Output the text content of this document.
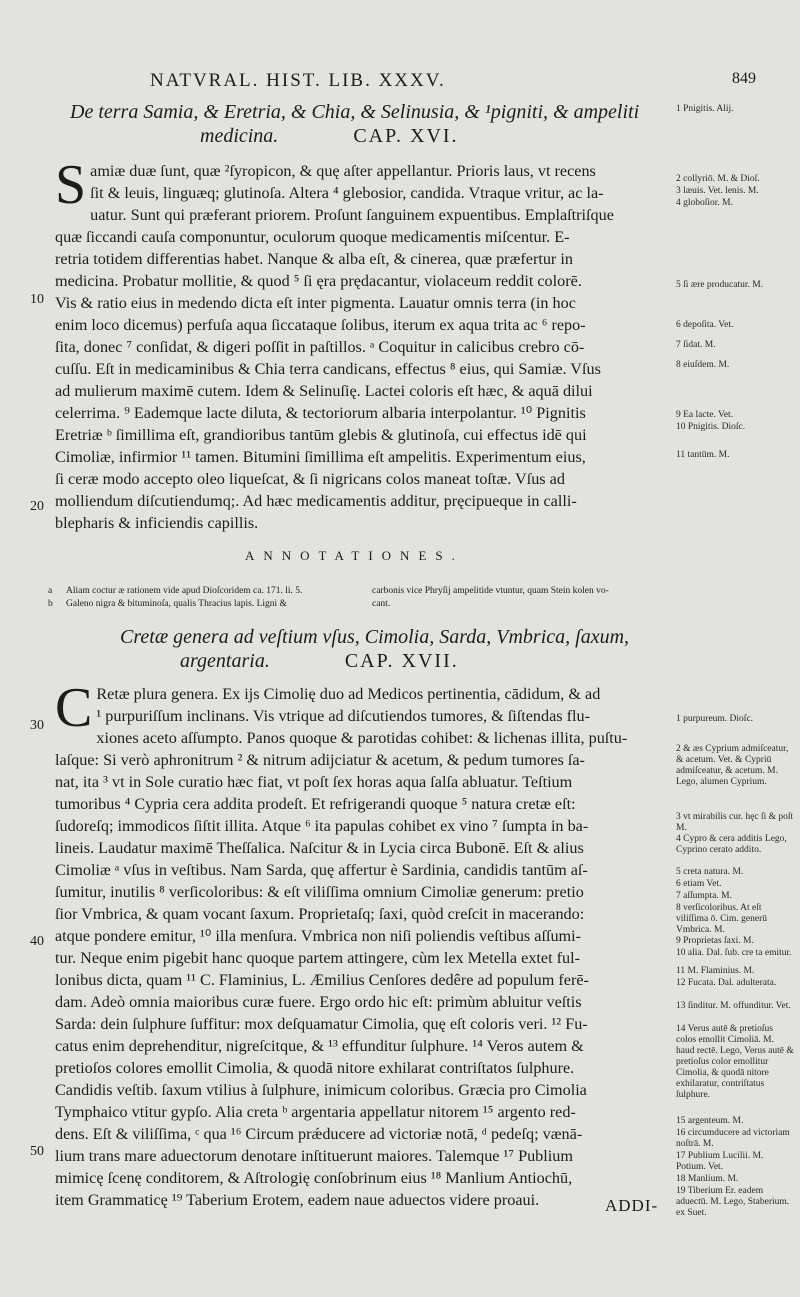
NATVRAL. HIST. LIB. XXXV.	849
De terra Samia, & Eretria, & Chia, & Selinusia, & ¹pigniti, & ampeliti
medicina.	CAP. XVI.
S amiæ duæ ſunt, quæ ²ſyropicon, & quę aſter appellantur. Prioris laus, vt recens
ſit & leuis, linguæq; glutinoſa. Altera ⁴ glebosior, candida. Vtraque vritur, ac la-
uatur. Sunt qui præferant priorem. Proſunt ſanguinem expuentibus. Emplaſtriſque
quæ ſiccandi cauſa componuntur, oculorum quoque medicamentis miſcentur. E-
retria totidem differentias habet. Nanque & alba eſt, & cinerea, quæ præfertur in
medicina. Probatur mollitie, & quod ⁵ ſi ęra prędacantur, violaceum reddit colorē.
Vis & ratio eius in medendo dicta eſt inter pigmenta. Lauatur omnis terra (in hoc
enim loco dicemus) perfuſa aqua ſiccataque ſolibus, iterum ex aqua trita ac ⁶ repo-
ſita, donec ⁷ conſidat, & digeri poſſit in paſtillos. ᵃ Coquitur in calicibus crebro cō-
cuſſu. Eſt in medicaminibus & Chia terra candicans, effectus ⁸ eius, qui Samiæ. Vſus
ad mulierum maximē cutem. Idem & Selinuſię. Lactei coloris eſt hæc, & aquā dilui
celerrima. ⁹ Eademque lacte diluta, & tectoriorum albaria interpolantur. ¹⁰ Pignitis
Eretriæ ᵇ ſimillima eſt, grandioribus tantūm glebis & glutinoſa, cui effectus idē qui
Cimoliæ, infirmior ¹¹ tamen. Bitumini ſimillima eſt ampelitis. Experimentum eius,
ſi ceræ modo accepto oleo liqueſcat, & ſi nigricans colos maneat toſtæ. Vſus ad
molliendum diſcutiendumq;. Ad hæc medicamentis additur, pręcipueque in calli-
blepharis & inficiendis capillis.
10
20
1 Pnigitis. Alij.
2 collyriō. M. & Dioſ.
3 læuis. Vet. lenis. M.
4 globoſior. M.
5 ſi ære producatur. M.
6 depoſita. Vet.
7 ſidat. M.
8 eiuſdem. M.
9 Ea lacte. Vet.
10 Pnigitis. Dioſc.
11 tantūm. M.
ANNOTATIONES.
a Aliam coctur æ rationem vide apud Dioſcoridem ca. 171. li. 5.	carbonis vice Phryſij ampelitide vtuntur, quam Stein kolen vo-
b Galeno nigra & bituminoſa, qualis Thracius lapis. Ligni &	cant.
Cretæ genera ad veſtium vſus, Cimolia, Sarda, Vmbrica, ſaxum,
argentaria.	CAP. XVII.
C Retæ plura genera. Ex ijs Cimolię duo ad Medicos pertinentia, cādidum, & ad
¹ purpuriſſum inclinans. Vis vtrique ad diſcutiendos tumores, & ſiſtendas flu-
xiones aceto aſſumpto. Panos quoque & parotidas cohibet: & lichenas illita, puſtu-
laſque: Si verò aphronitrum ² & nitrum adijciatur & acetum, & pedum tumores ſa-
nat, ita ³ vt in Sole curatio hæc fiat, vt poſt ſex horas aqua ſalſa abluatur. Teſtium
tumoribus ⁴ Cypria cera addita prodeſt. Et refrigerandi quoque ⁵ natura cretæ eſt:
ſudoreſq; immodicos ſiſtit illita. Atque ⁶ ita papulas cohibet ex vino ⁷ ſumpta in ba-
lineis. Laudatur maximē Theſſalica. Naſcitur & in Lycia circa Bubonē. Eſt & alius
Cimoliæ ᵃ vſus in veſtibus. Nam Sarda, quę affertur è Sardinia, candidis tantūm aſ-
ſumitur, inutilis ⁸ verſicoloribus: & eſt viliſſima omnium Cimoliæ generum: pretio
ſior Vmbrica, & quam vocant ſaxum. Proprietaſq; ſaxi, quòd creſcit in macerando:
atque pondere emitur, ¹⁰ illa menſura. Vmbrica non niſi poliendis veſtibus aſſumi-
tur. Neque enim pigebit hanc quoque partem attingere, cùm lex Metella extet ful-
lonibus dicta, quam ¹¹ C. Flaminius, L. Æmilius Cenſores dedêre ad populum ferē-
dam. Adeò omnia maioribus curæ fuere. Ergo ordo hic eſt: primùm abluitur veſtis
Sarda: dein ſulphure ſuffitur: mox deſquamatur Cimolia, quę eſt coloris veri. ¹² Fu-
catus enim deprehenditur, nigreſcitque, & ¹³ effunditur ſulphure. ¹⁴ Veros autem &
pretioſos colores emollit Cimolia, & quodā nitore exhilarat contriſtatos ſulphure.
Candidis veſtib. ſaxum vtilius à ſulphure, inimicum coloribus. Græcia pro Cimolia
Tymphaico vtitur gypſo. Alia creta ᵇ argentaria appellatur nitorem ¹⁵ argento red-
dens. Eſt & viliſſima, ᶜ qua ¹⁶ Circum prǽducere ad victoriæ notā, ᵈ pedeſq; vænā-
lium trans mare aduectorum denotare inſtituerunt maiores. Talemque ¹⁷ Publium
mimicę ſcenę conditorem, & Aſtrologię conſobrinum eius ¹⁸ Manlium Antiochū,
item Grammaticę ¹⁹ Taberium Erotem, eadem naue aduectos videre proaui.
30
40
50
1 purpureum. Dioſc.
2 & æs Cyprium admiſceatur, & acetum. Vet. & Cypriū admiſceatur, & acetum. M. Lego, alumen Cyprium.
3 vt mirabilis cur. hęc ſi & poſt M.
4 Cypro & cera additis Lego, Cyprino cerato addito.
5 creta natura. M.
6 etiam Vet.
7 aſſumpta. M.
8 verſicoloribus. At eſt viliſſima ō. Cim. generū Vmbrica. M.
9 Proprietas ſaxi. M.
10 alia. Dal. ſub. cre ta emitur.
11 M. Flaminius. M.
12 Fucata. Dal. adulterata.
13 ſinditur. M. offunditur. Vet.
14 Verus autē & pretioſus colos emollit Cimoliā. M. haud rectē. Lego, Verus autē & pretioſus color emollitur Cimolia, & quodā nitore exhilaratur, contriſtatus ſulphure.
15 argenteum. M.
16 circumducere ad victoriam noſtrā. M.
17 Publium Lucilii. M. Potium. Vet.
18 Manlium. M.
19 Tiberium Er. eadem aduectū. M. Lego, Staberium. ex Suet.
ADDI-
